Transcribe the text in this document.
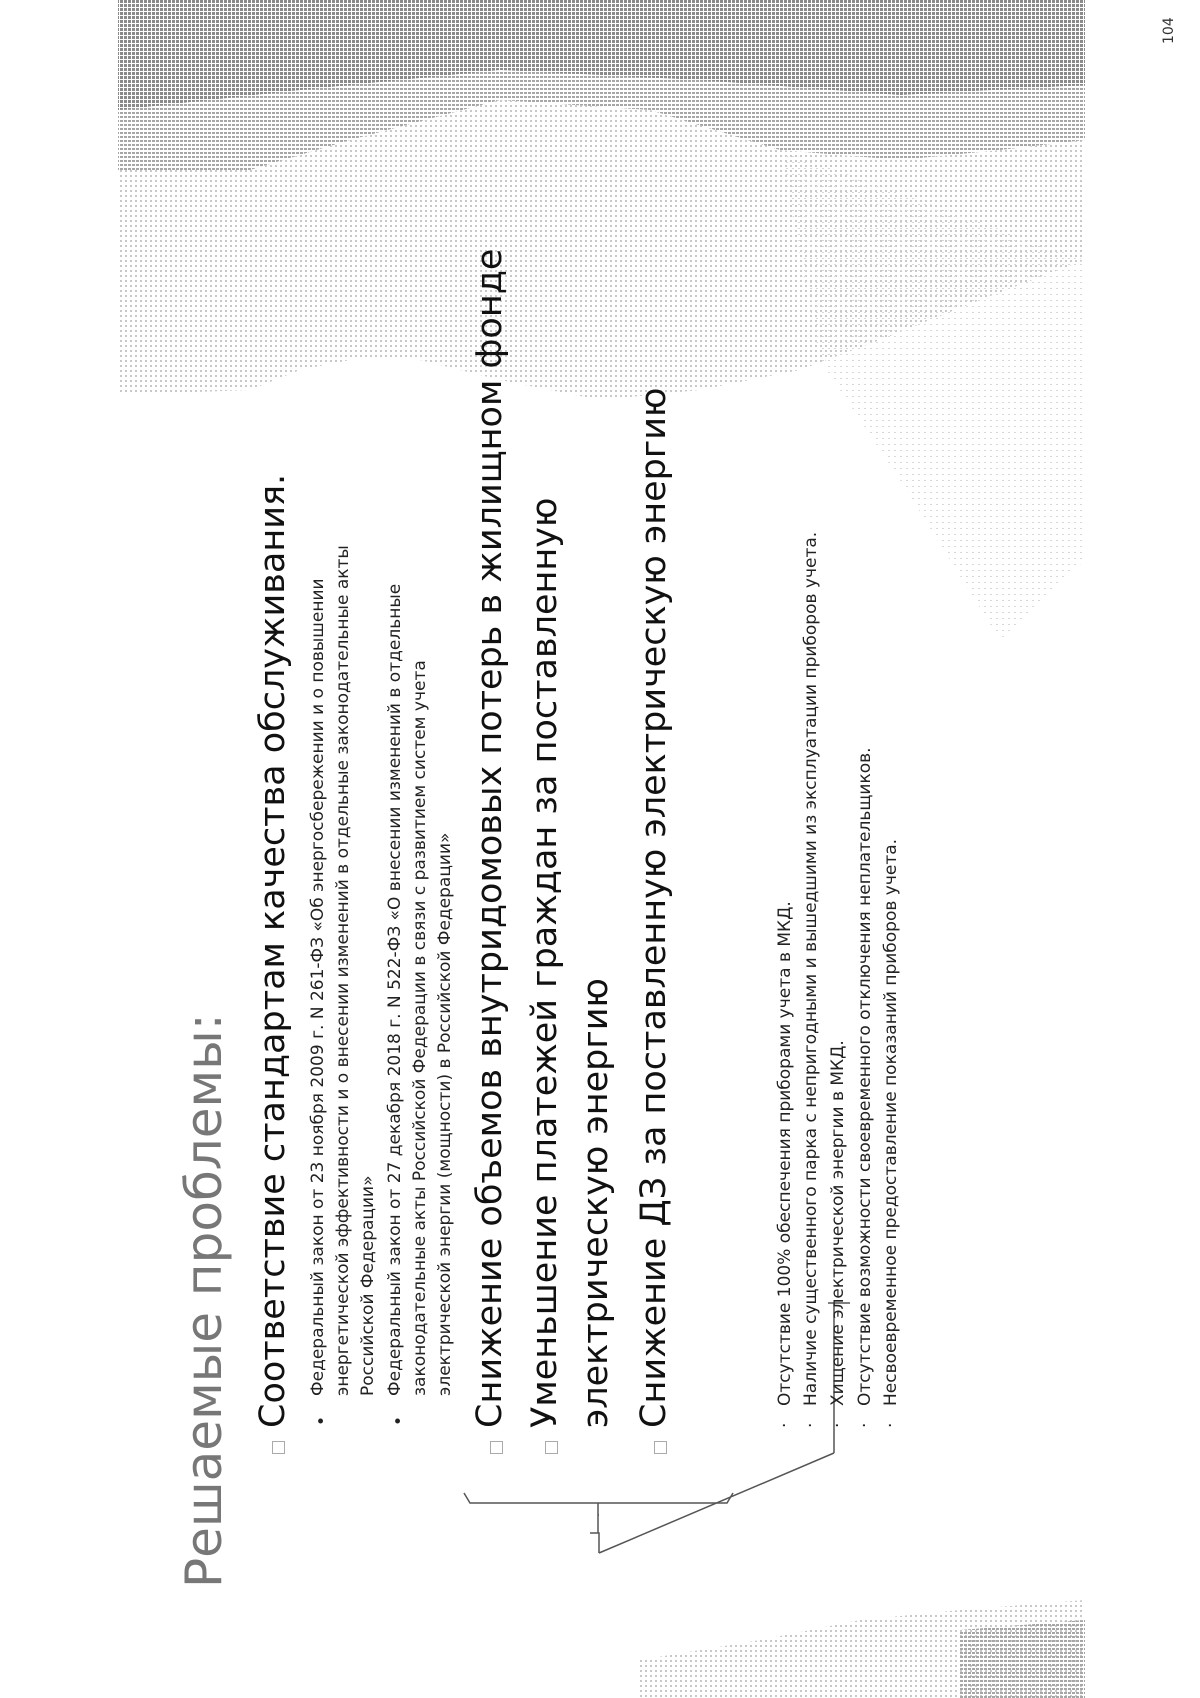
104
Решаемые проблемы: Соответствие стандартам качества обслуживания. •
Федеральный закон от 23 ноября 2009 г. N 261-ФЗ «Об энергосбережении и о повышении энергетической эффективности и о внесении изменений в отдельные законодательные акты Российской Федерации»
•
Федеральный закон от 27 декабря 2018 г. N 522-ФЗ «О внесении изменений в отдельные законодательные акты Российской Федерации в связи с развитием систем учета электрической энергии (мощности) в Российской Федерации» Снижение объемов внутридомовых потерь в жилищном фонде Уменьшение платежей граждан за поставленную электрическую энергию Снижение ДЗ за поставленную электрическую энергию	·
Отсутствие 100% обеспечения приборами учета в МКД.
·
Наличие существенного парка с непригодными и вышедшими из эксплуатации приборов учета.
·
Хищение электрической энергии в МКД.
·
Отсутствие возможности своевременного отключения неплательщиков.
·
Несвоевременное предоставление показаний приборов учета.
